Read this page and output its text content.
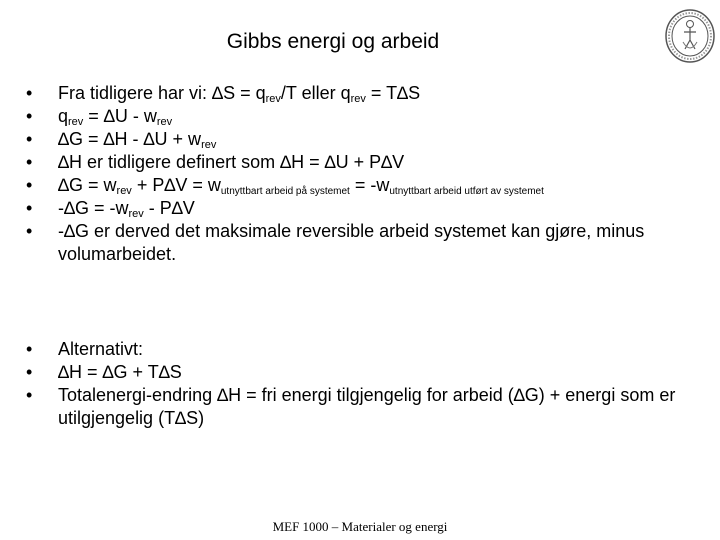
Gibbs energi og arbeid
•	Fra tidligere har vi: $\Delta S = q_{rev}/T$ eller $q_{rev} = T\Delta S$
•	$q_{rev} = \Delta U - w_{rev}$
•	$\Delta G = \Delta H - \Delta U + w_{rev}$
•	∆H er tidligere definert som ∆H = ∆U + P∆V
•	$\Delta G = w_{rev} + P\Delta V = w_{utnyttbart arbeid på systemet} = -w_{utnyttbart arbeid utført av systemet}$
•	$-\Delta G = -w_{rev} - P\Delta V$
•	-∆G er derved det maksimale reversible arbeid systemet kan gjøre, minus volumarbeidet.
•	Alternativt:
•	∆H = ∆G + T∆S
•	Totalenergi-endring ∆H = fri energi tilgjengelig for arbeid (∆G) + energi som er utilgjengelig (T∆S)
MEF 1000 – Materialer og energi
